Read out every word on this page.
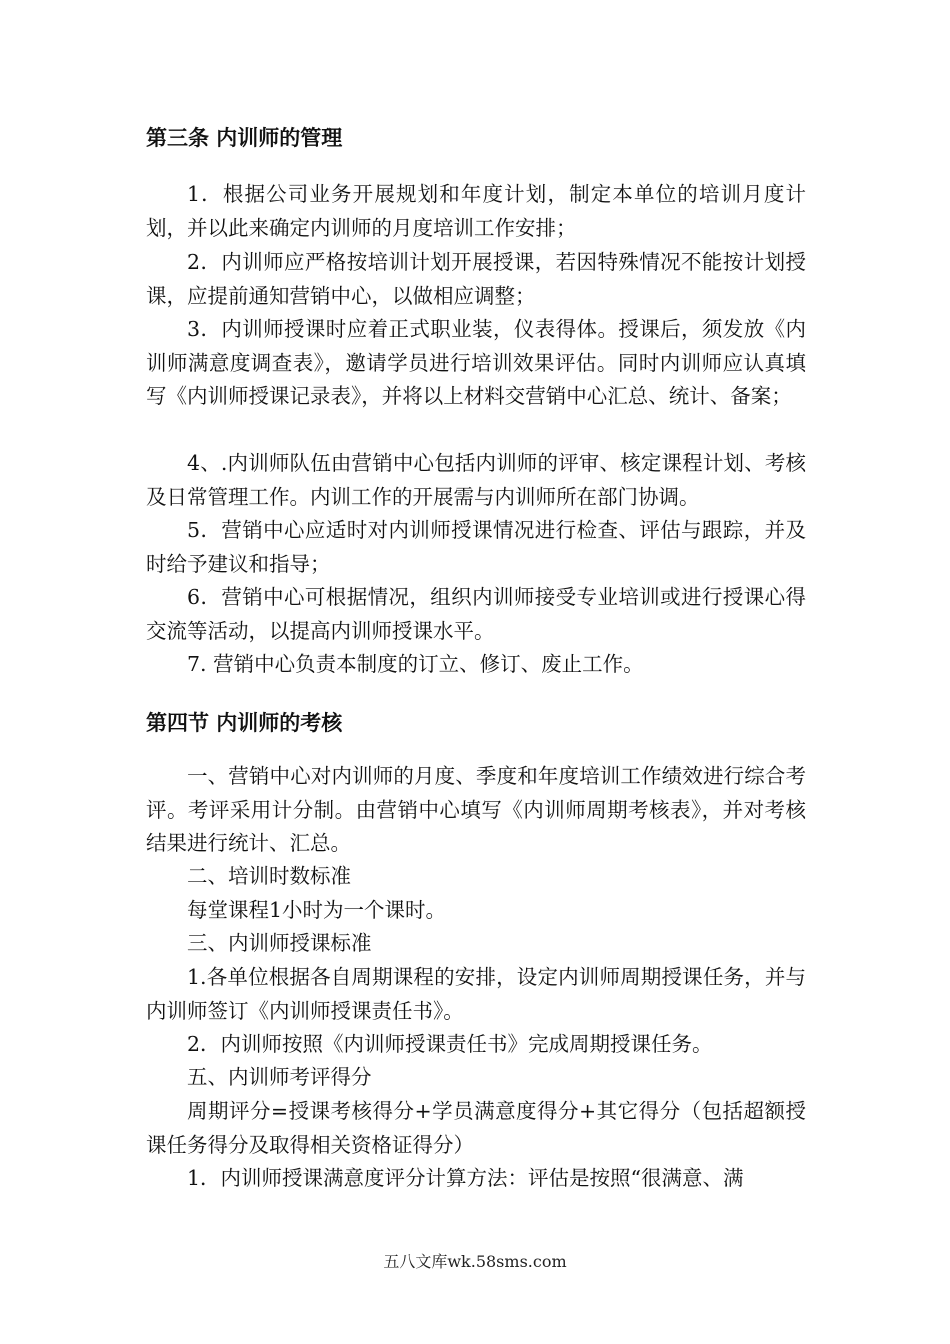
第三条 内训师的管理

1．根据公司业务开展规划和年度计划，制定本单位的培训月度计划，并以此来确定内训师的月度培训工作安排；

2．内训师应严格按培训计划开展授课，若因特殊情况不能按计划授课，应提前通知营销中心，以做相应调整；

3．内训师授课时应着正式职业装，仪表得体。授课后，须发放《内训师满意度调查表》，邀请学员进行培训效果评估。同时内训师应认真填写《内训师授课记录表》，并将以上材料交营销中心汇总、统计、备案；

4、.内训师队伍由营销中心包括内训师的评审、核定课程计划、考核及日常管理工作。内训工作的开展需与内训师所在部门协调。

5．营销中心应适时对内训师授课情况进行检查、评估与跟踪，并及时给予建议和指导；

6．营销中心可根据情况，组织内训师接受专业培训或进行授课心得交流等活动，以提高内训师授课水平。

7. 营销中心负责本制度的订立、修订、废止工作。

第四节 内训师的考核

一、营销中心对内训师的月度、季度和年度培训工作绩效进行综合考评。考评采用计分制。由营销中心填写《内训师周期考核表》，并对考核结果进行统计、汇总。

二、培训时数标准

每堂课程1小时为一个课时。

三、内训师授课标准

1.各单位根据各自周期课程的安排，设定内训师周期授课任务，并与内训师签订《内训师授课责任书》。

2．内训师按照《内训师授课责任书》完成周期授课任务。

五、内训师考评得分

周期评分=授课考核得分+学员满意度得分+其它得分（包括超额授课任务得分及取得相关资格证得分）

1．内训师授课满意度评分计算方法：评估是按照“很满意、满

五八文库wk.58sms.com
